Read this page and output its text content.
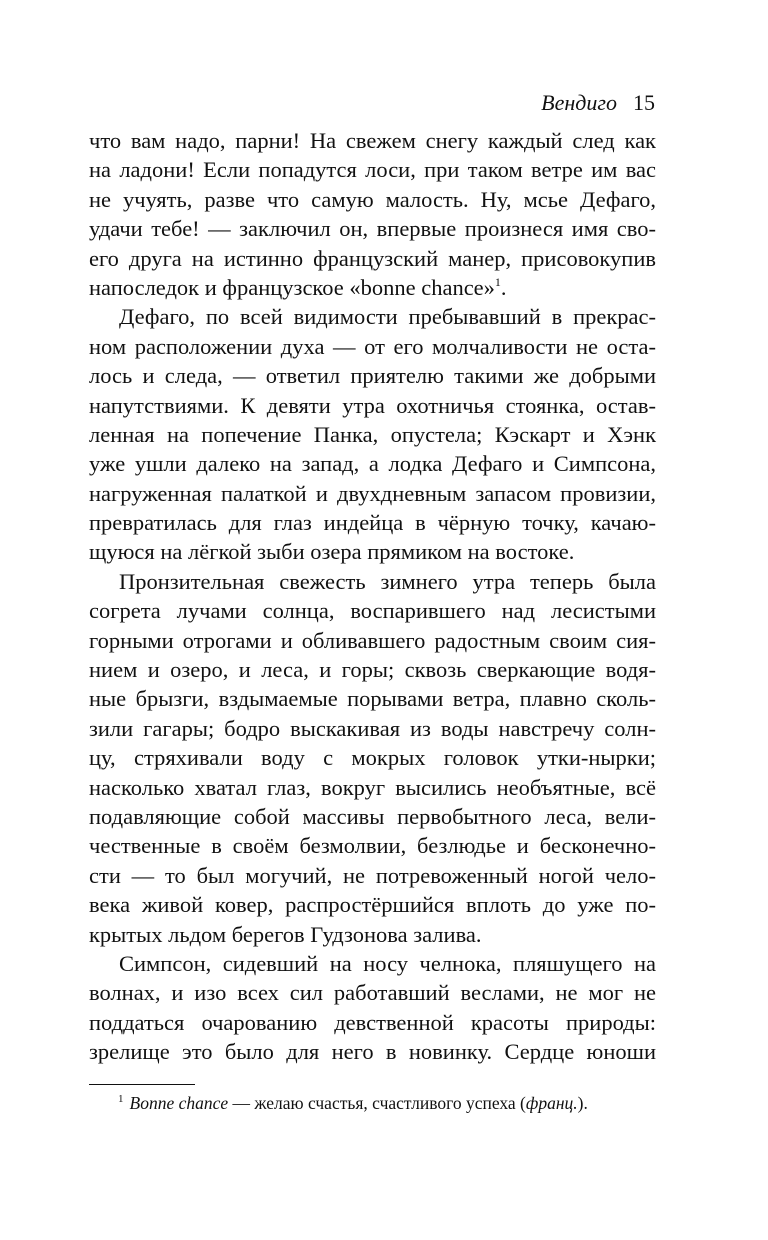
Вендиго 15
что вам надо, парни! На свежем снегу каждый след как
на ладони! Если попадутся лоси, при таком ветре им вас
не учуять, разве что самую малость. Ну, мсье Дефаго,
удачи тебе! — заключил он, впервые произнеся имя сво-
его друга на истинно французский манер, присовокупив
напоследок и французское «bonne chance»$^1$.
Дефаго, по всей видимости пребывавший в прекрас-
ном расположении духа — от его молчаливости не оста-
лось и следа, — ответил приятелю такими же добрыми
напутствиями. К девяти утра охотничья стоянка, остав-
ленная на попечение Панка, опустела; Кэскарт и Хэнк
уже ушли далеко на запад, а лодка Дефаго и Симпсона,
нагруженная палаткой и двухдневным запасом провизии,
превратилась для глаз индейца в чёрную точку, качаю-
щуюся на лёгкой зыби озера прямиком на востоке.
Пронзительная свежесть зимнего утра теперь была
согрета лучами солнца, воспарившего над лесистыми
горными отрогами и обливавшего радостным своим сия-
нием и озеро, и леса, и горы; сквозь сверкающие водя-
ные брызги, вздымаемые порывами ветра, плавно сколь-
зили гагары; бодро выскакивая из воды навстречу солн-
цу, стряхивали воду с мокрых головок утки-нырки;
насколько хватал глаз, вокруг высились необъятные, всё
подавляющие собой массивы первобытного леса, вели-
чественные в своём безмолвии, безлюдье и бесконечно-
сти — то был могучий, не потревоженный ногой чело-
века живой ковер, распростёршийся вплоть до уже по-
крытых льдом берегов Гудзонова залива.
Симпсон, сидевший на носу челнока, пляшущего на
волнах, и изо всех сил работавший веслами, не мог не
поддаться очарованию девственной красоты природы:
зрелище это было для него в новинку. Сердце юноши
$^1$ Bonne chance — желаю счастья, счастливого успеха (франц.).
